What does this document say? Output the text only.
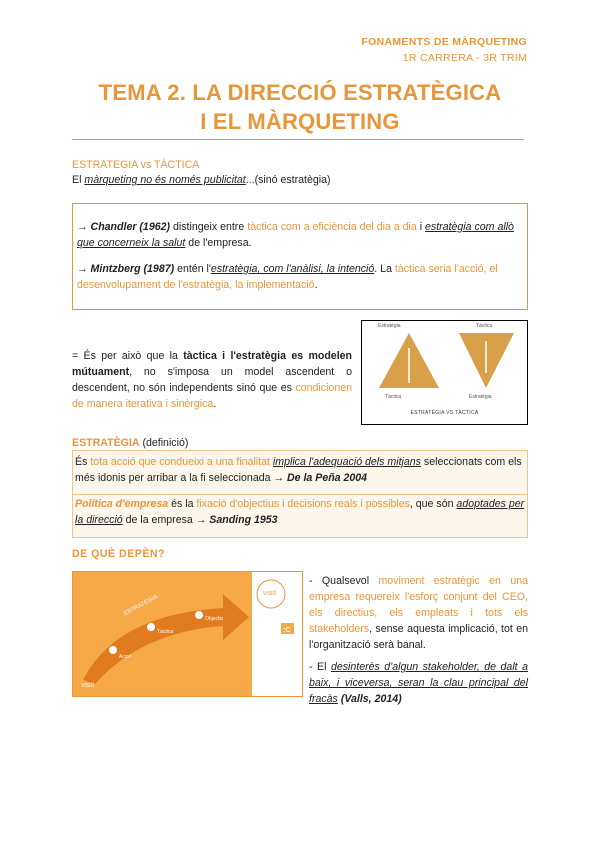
FONAMENTS DE MÀRQUETING
1R CARRERA - 3R TRIM
TEMA 2. LA DIRECCIÓ ESTRATÈGICA
I EL MÀRQUETING
ESTRATEGIA vs TÀCTICA
El màrqueting no és només publicitat...(sinó estratègia)
→ Chandler (1962) distingeix entre tàctica com a eficiència del dia a dia i estratègia com allò que concerneix la salut de l'empresa.
→ Mintzberg (1987) entén l'estratègia, com l'anàlisi, la intenció. La tàctica seria l'acció, el desenvolupament de l'estratègia, la implementació.
= És per això que la tàctica i l'estratègia es modelen mútuament, no s'imposa un model ascendent o descendent, no són independents sinó que es condicionen de manera iterativa i sinèrgica.
Estratègia	Tàctica
Tàctica	Estratègia
ESTRATÈGIA VS TÀCTICA
ESTRATÈGIA (definició)
És tota acció que condueixi a una finalitat implica l'adequació dels mitjans seleccionats com els més idonis per arribar a la fi seleccionada → De la Peña 2004
Política d'empresa és la fixació d'objectius i decisions reals i possibles, que són adoptades per la direcció de la empresa → Sanding 1953
DE QUÈ DEPÈN?
:C
VISIÓ
ESTRATÈGIA
Acció
Tàctica
Objectiu
VISIÓ
- Qualsevol moviment estratègic en una empresa requereix l'esforç conjunt del CEO, els directius, els empleats i tots els stakeholders, sense aquesta implicació, tot en l'organització serà banal.
- El desinterès d'algun stakeholder, de dalt a baix, i viceversa, seran la clau principal del fracàs (Valls, 2014)
